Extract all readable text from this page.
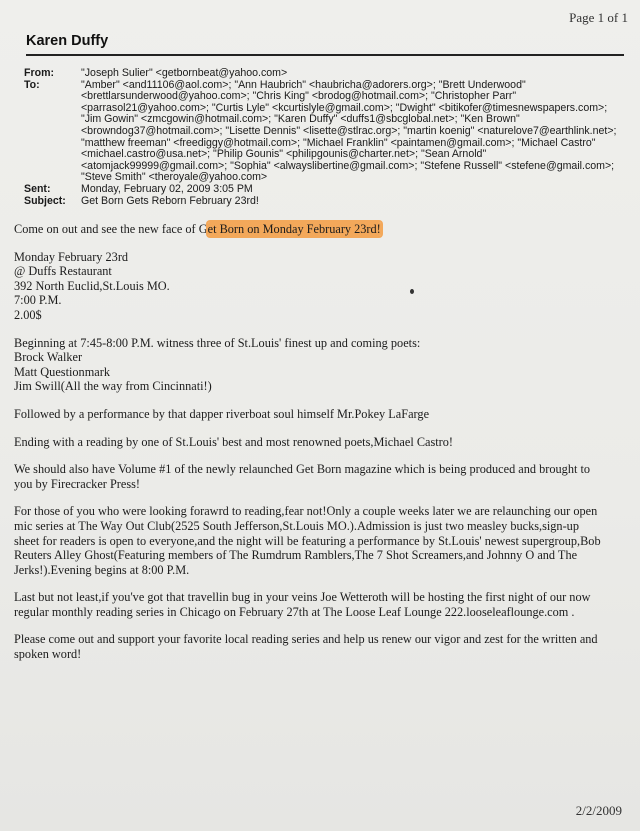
Page 1 of 1
Karen Duffy
From:	"Joseph Sulier" <getbornbeat@yahoo.com>
To:	"Amber" <and11106@aol.com>; "Ann Haubrich" <haubricha@adorers.org>; "Brett Underwood"
<brettlarsunderwood@yahoo.com>; "Chris King" <brodog@hotmail.com>; "Christopher Parr"
<parrasol21@yahoo.com>; "Curtis Lyle" <kcurtislyle@gmail.com>; "Dwight" <bitikofer@timesnewspapers.com>;
"Jim Gowin" <zmcgowin@hotmail.com>; "Karen Duffy" <duffs1@sbcglobal.net>; "Ken Brown"
<browndog37@hotmail.com>; "Lisette Dennis" <lisette@stlrac.org>; "martin koenig" <naturelove7@earthlink.net>;
"matthew freeman" <freediggy@hotmail.com>; "Michael Franklin" <paintamen@gmail.com>; "Michael Castro"
<michael.castro@usa.net>; "Philip Gounis" <philipgounis@charter.net>; "Sean Arnold"
<atomjack99999@gmail.com>; "Sophia" <alwayslibertine@gmail.com>; "Stefene Russell" <stefene@gmail.com>;
"Steve Smith" <theroyale@yahoo.com>
Sent:	Monday, February 02, 2009 3:05 PM
Subject:	Get Born Gets Reborn February 23rd!

Come on out and see the new face of Get Born on Monday February 23rd!

Monday February 23rd
@ Duffs Restaurant
392 North Euclid,St.Louis MO.
7:00 P.M.
2.00$

Beginning at 7:45-8:00 P.M. witness three of St.Louis' finest up and coming poets:
Brock Walker
Matt Questionmark
Jim Swill(All the way from Cincinnati!)

Followed by a performance by that dapper riverboat soul himself Mr.Pokey LaFarge

Ending with a reading by one of St.Louis' best and most renowned poets,Michael Castro!

We should also have Volume #1 of the newly relaunched Get Born magazine which is being produced and brought to
you by Firecracker Press!

For those of you who were looking forawrd to reading,fear not!Only a couple weeks later we are relaunching our open
mic series at The Way Out Club(2525 South Jefferson,St.Louis MO.).Admission is just two measley bucks,sign-up
sheet for readers is open to everyone,and the night will be featuring a performance by St.Louis' newest supergroup,Bob
Reuters Alley Ghost(Featuring members of The Rumdrum Ramblers,The 7 Shot Screamers,and Johnny O and The
Jerks!).Evening begins at 8:00 P.M.

Last but not least,if you've got that travellin bug in your veins Joe Wetteroth will be hosting the first night of our now
regular monthly reading series in Chicago on February 27th at The Loose Leaf Lounge 222.looseleaflounge.com .

Please come out and support your favorite local reading series and help us renew our vigor and zest for the written and
spoken word!

2/2/2009
